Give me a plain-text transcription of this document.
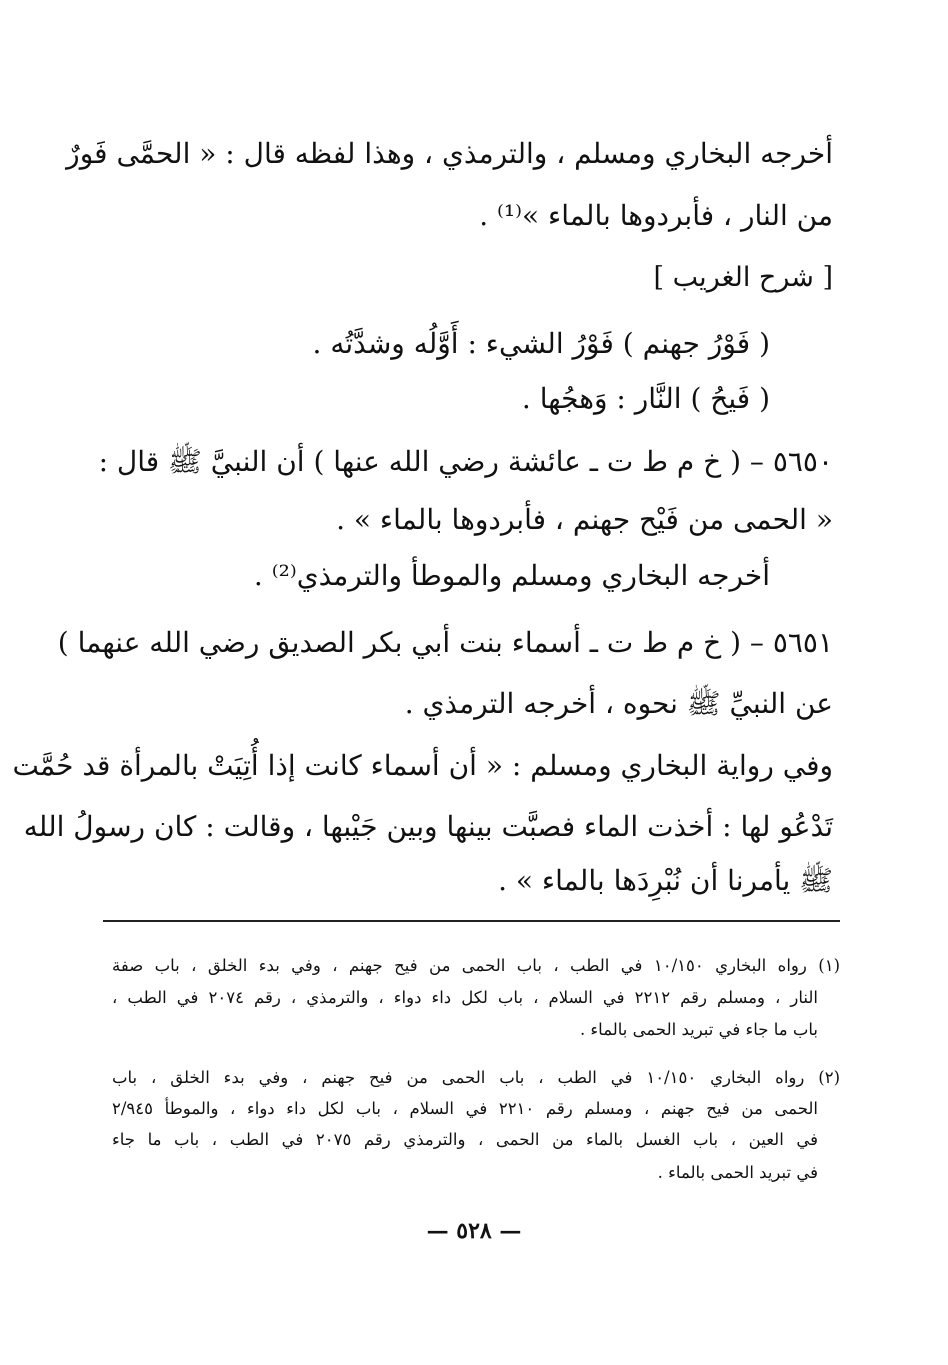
أخرجه البخاري ومسلم ، والترمذي ، وهذا لفظه قال : « الحمَّى فَورٌ
من النار ، فأبردوها بالماء »⁽¹⁾ .
[ شرح الغريب ]
( فَوْرُ جهنم ) فَوْرُ الشيء : أَوَّلُه وشدَّتُه .
( فَيحُ ) النَّار : وَهجُها .
٥٦٥٠ – ( خ م ط ت ـ عائشة رضي الله عنها ) أن النبيَّ ﷺ قال :
« الحمى من فَيْح جهنم ، فأبردوها بالماء » .
أخرجه البخاري ومسلم والموطأ والترمذي⁽²⁾ .
٥٦٥١ – ( خ م ط ت ـ أسماء بنت أبي بكر الصديق رضي الله عنهما )
عن النبيِّ ﷺ نحوه ، أخرجه الترمذي .
وفي رواية البخاري ومسلم : « أن أسماء كانت إذا أُتِيَتْ بالمرأة قد حُمَّت
تَدْعُو لها : أخذت الماء فصبَّت بينها وبين جَيْبها ، وقالت : كان رسولُ الله
ﷺ يأمرنا أن نُبْرِدَها بالماء » .
(١) رواه البخاري ١٠/١٥٠ في الطب ، باب الحمى من فيح جهنم ، وفي بدء الخلق ، باب صفة
النار ، ومسلم رقم ٢٢١٢ في السلام ، باب لكل داء دواء ، والترمذي ، رقم ٢٠٧٤ في الطب ،
باب ما جاء في تبريد الحمى بالماء .
(٢) رواه البخاري ١٠/١٥٠ في الطب ، باب الحمى من فيح جهنم ، وفي بدء الخلق ، باب
الحمى من فيح جهنم ، ومسلم رقم ٢٢١٠ في السلام ، باب لكل داء دواء ، والموطأ ٢/٩٤٥
في العين ، باب الغسل بالماء من الحمى ، والترمذي رقم ٢٠٧٥ في الطب ، باب ما جاء
في تبريد الحمى بالماء .
— ٥٢٨ —
